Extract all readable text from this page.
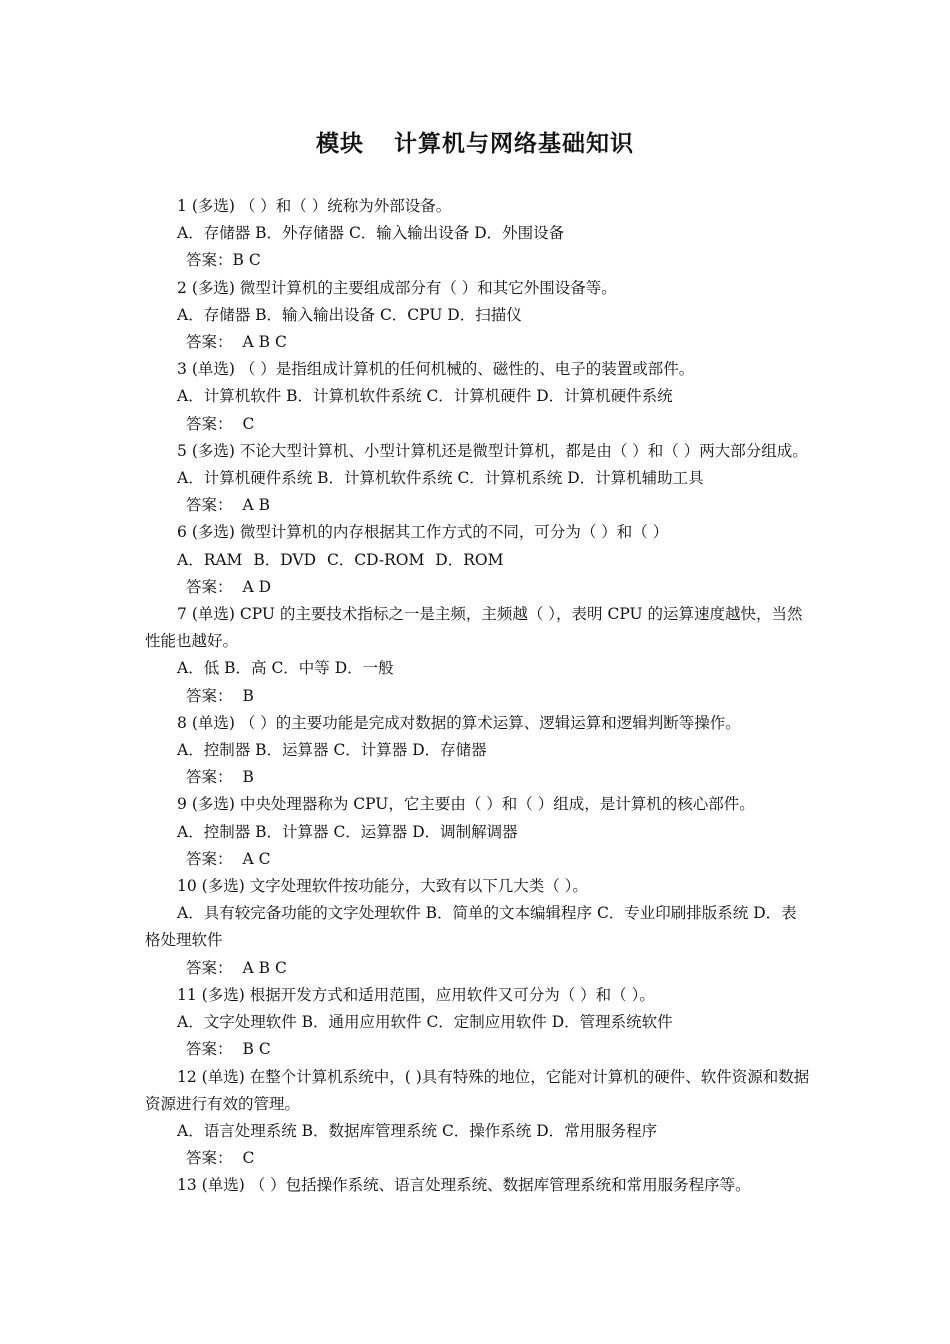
模块 计算机与网络基础知识
1 (多选) （ ）和（ ）统称为外部设备。
A．存储器 B．外存储器 C．输入输出设备 D．外围设备
答案：B C
2 (多选) 微型计算机的主要组成部分有（ ）和其它外围设备等。
A．存储器 B．输入输出设备 C．CPU D．扫描仪
答案： A B C
3 (单选) （ ）是指组成计算机的任何机械的、磁性的、电子的装置或部件。
A．计算机软件 B．计算机软件系统 C．计算机硬件 D．计算机硬件系统
答案： C
5 (多选) 不论大型计算机、小型计算机还是微型计算机，都是由（ ）和（ ）两大部分组成。
A．计算机硬件系统 B．计算机软件系统 C．计算机系统 D．计算机辅助工具
答案： A B
6 (多选) 微型计算机的内存根据其工作方式的不同，可分为（ ）和（ ）
A．RAM B．DVD C．CD-ROM D．ROM
答案： A D
7 (单选) CPU 的主要技术指标之一是主频，主频越（ ），表明 CPU 的运算速度越快，当然性能也越好。
A．低 B．高 C．中等 D．一般
答案： B
8 (单选) （ ）的主要功能是完成对数据的算术运算、逻辑运算和逻辑判断等操作。
A．控制器 B．运算器 C．计算器 D．存储器
答案： B
9 (多选) 中央处理器称为 CPU，它主要由（ ）和（ ）组成，是计算机的核心部件。
A．控制器 B．计算器 C．运算器 D．调制解调器
答案： A C
10 (多选) 文字处理软件按功能分，大致有以下几大类（ ）。
A．具有较完备功能的文字处理软件 B．简单的文本编辑程序 C．专业印刷排版系统 D．表格处理软件
答案： A B C
11 (多选) 根据开发方式和适用范围，应用软件又可分为（ ）和（ ）。
A．文字处理软件 B．通用应用软件 C．定制应用软件 D．管理系统软件
答案： B C
12 (单选) 在整个计算机系统中，( )具有特殊的地位，它能对计算机的硬件、软件资源和数据资源进行有效的管理。
A．语言处理系统 B．数据库管理系统 C．操作系统 D．常用服务程序
答案： C
13 (单选) （ ）包括操作系统、语言处理系统、数据库管理系统和常用服务程序等。
